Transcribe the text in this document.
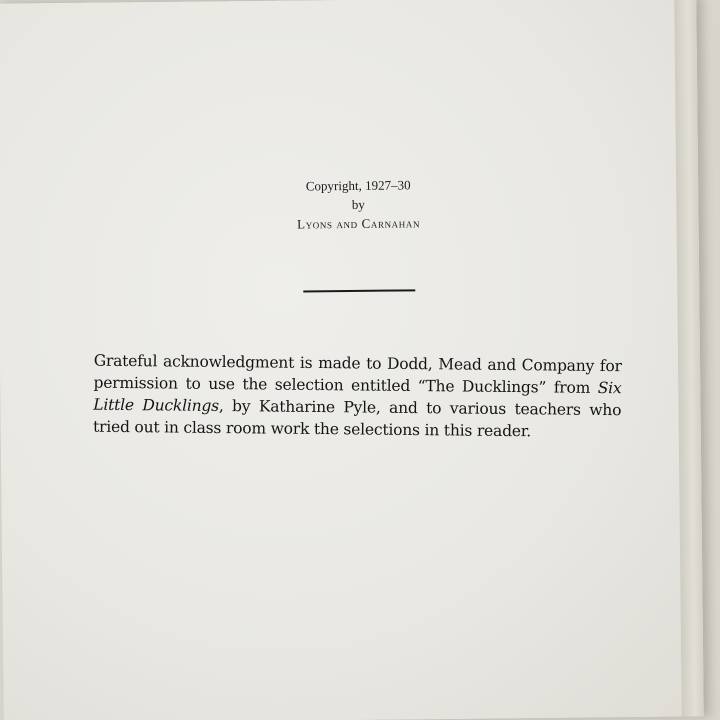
Copyright, 1927–30
by
Lyons and Carnahan
Grateful acknowledgment is made to Dodd, Mead and Company for permission to use the selection entitled “The Ducklings” from Six Little Ducklings, by Katharine Pyle, and to various teachers who tried out in class room work the selections in this reader.
